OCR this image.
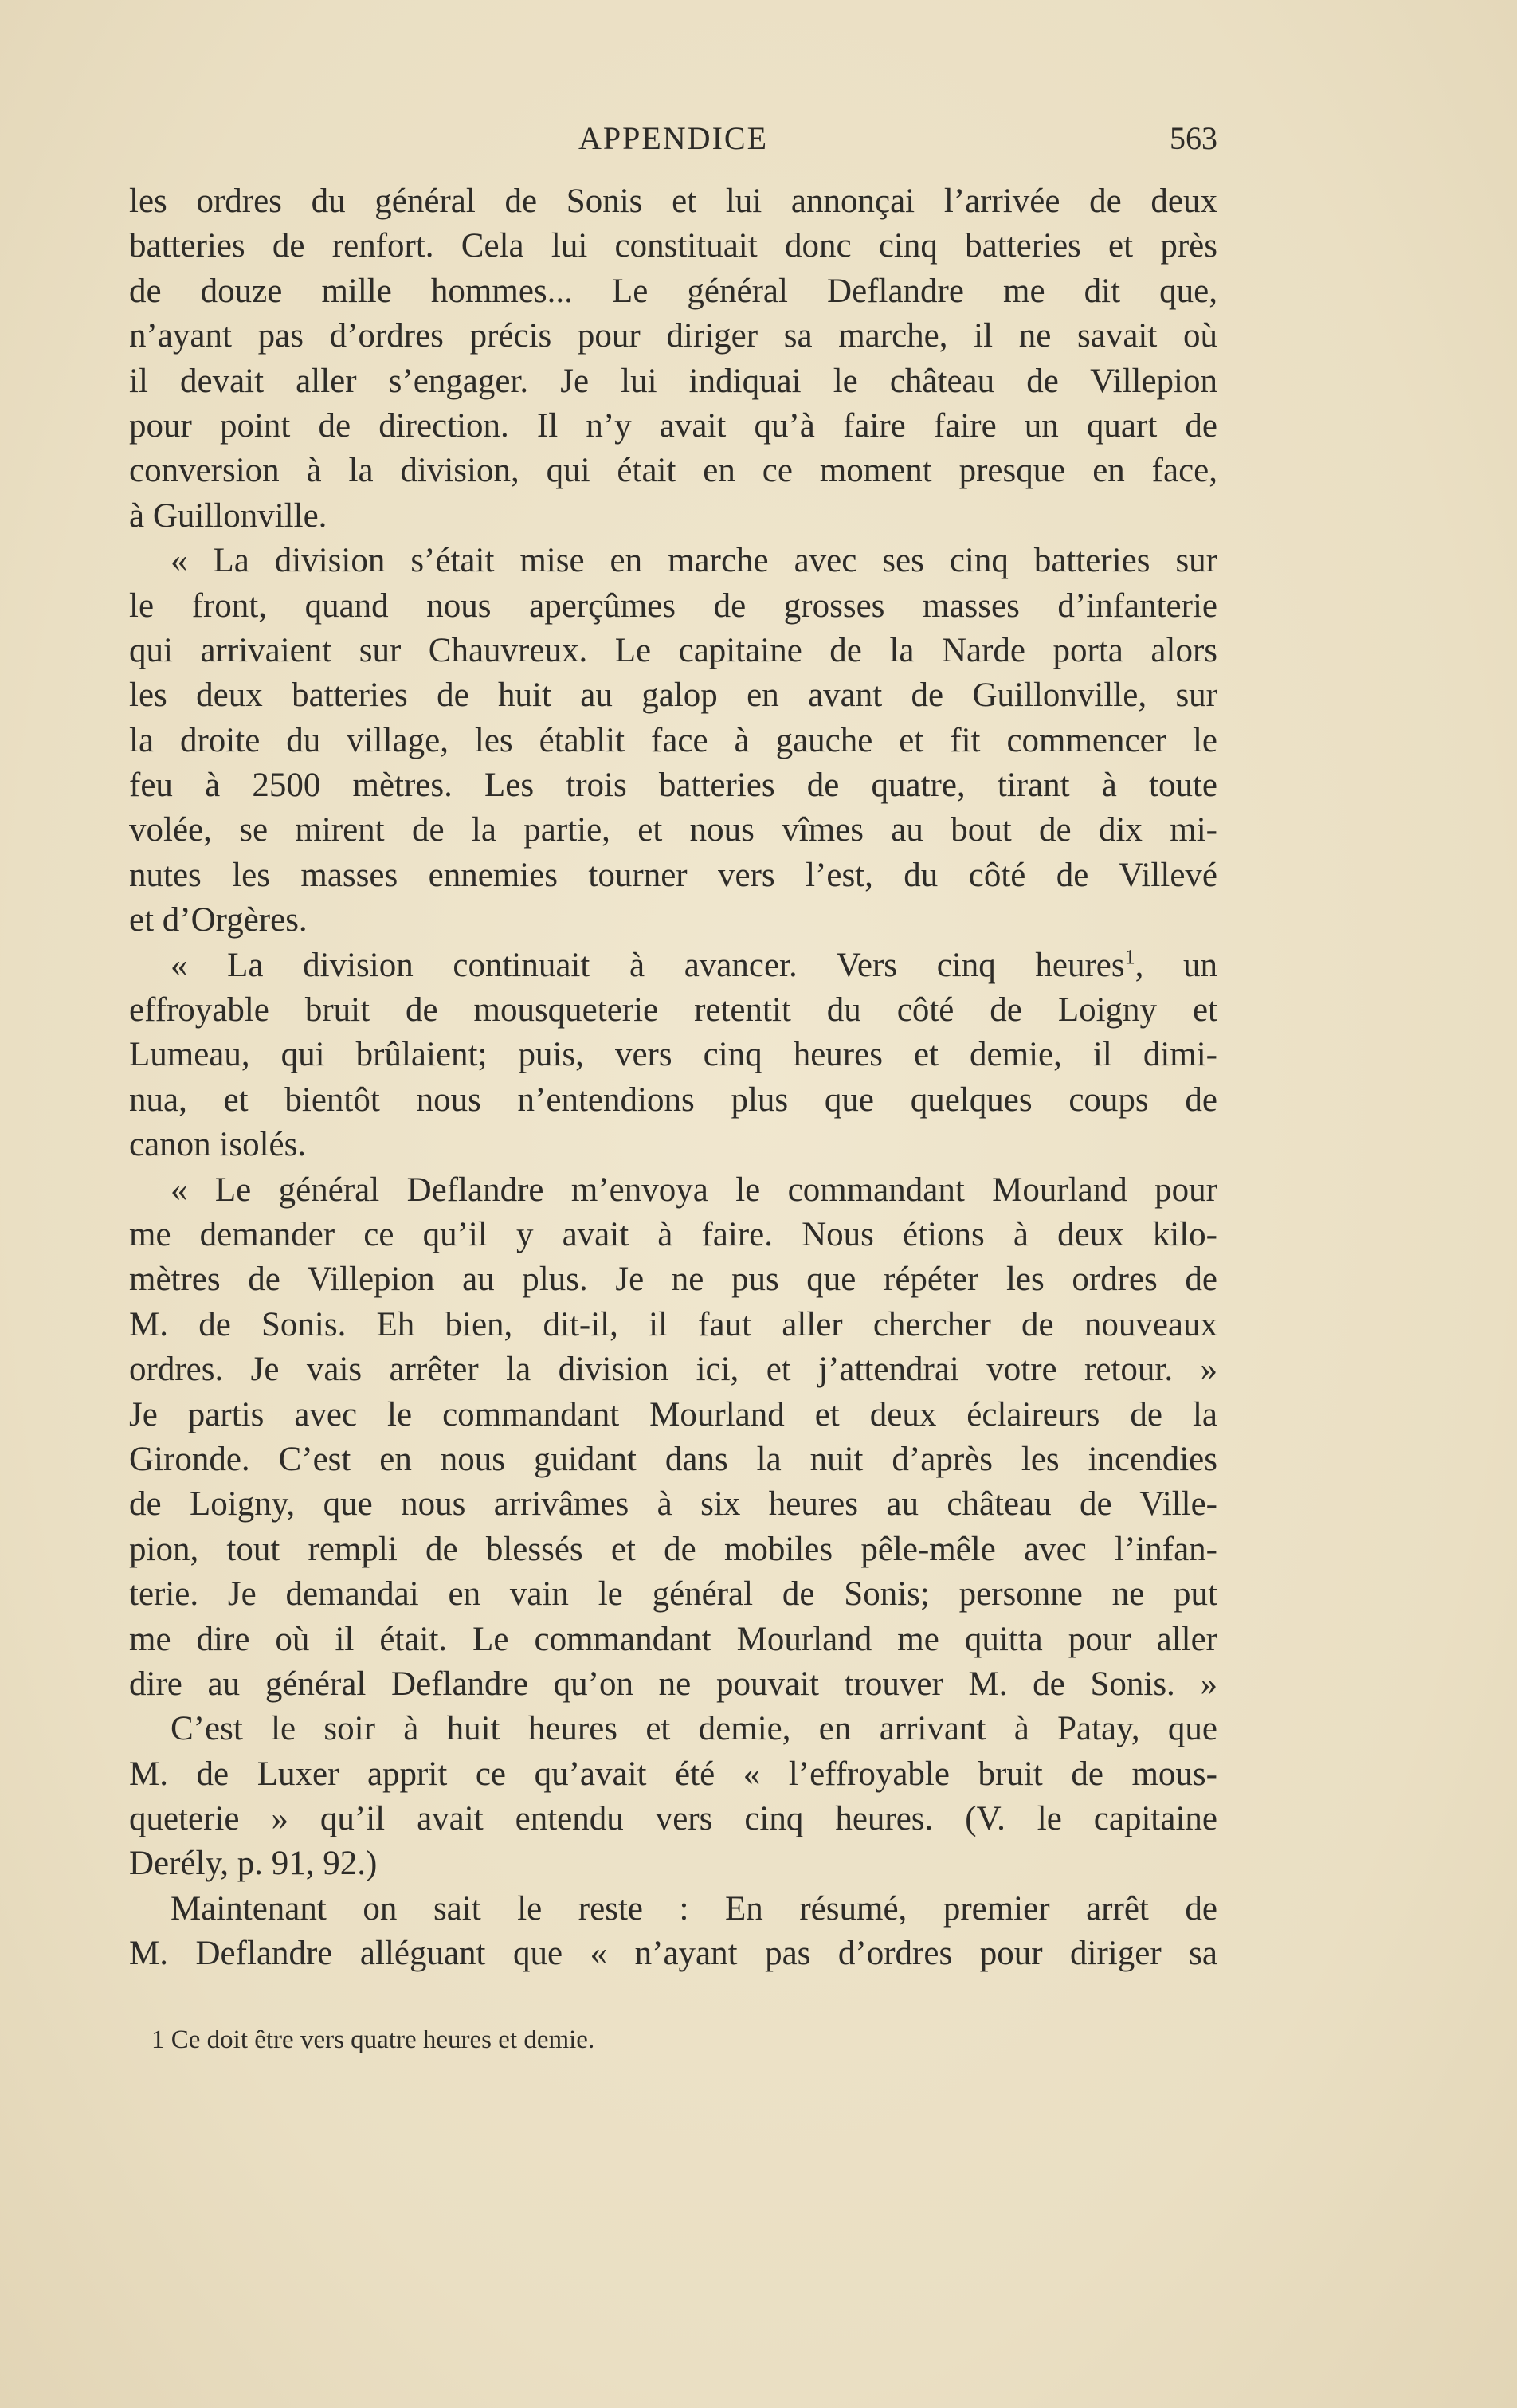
APPENDICE	563
les ordres du général de Sonis et lui annonçai l’arrivée de deux
batteries de renfort. Cela lui constituait donc cinq batteries et près
de douze mille hommes... Le général Deflandre me dit que,
n’ayant pas d’ordres précis pour diriger sa marche, il ne savait où
il devait aller s’engager. Je lui indiquai le château de Villepion
pour point de direction. Il n’y avait qu’à faire faire un quart de
conversion à la division, qui était en ce moment presque en face,
à Guillonville.
« La division s’était mise en marche avec ses cinq batteries sur
le front, quand nous aperçûmes de grosses masses d’infanterie
qui arrivaient sur Chauvreux. Le capitaine de la Narde porta alors
les deux batteries de huit au galop en avant de Guillonville, sur
la droite du village, les établit face à gauche et fit commencer le
feu à 2500 mètres. Les trois batteries de quatre, tirant à toute
volée, se mirent de la partie, et nous vîmes au bout de dix mi-
nutes les masses ennemies tourner vers l’est, du côté de Villevé
et d’Orgères.
« La division continuait à avancer. Vers cinq heures$^1$, un
effroyable bruit de mousqueterie retentit du côté de Loigny et
Lumeau, qui brûlaient; puis, vers cinq heures et demie, il dimi-
nua, et bientôt nous n’entendions plus que quelques coups de
canon isolés.
« Le général Deflandre m’envoya le commandant Mourland pour
me demander ce qu’il y avait à faire. Nous étions à deux kilo-
mètres de Villepion au plus. Je ne pus que répéter les ordres de
M. de Sonis. Eh bien, dit-il, il faut aller chercher de nouveaux
ordres. Je vais arrêter la division ici, et j’attendrai votre retour. »
Je partis avec le commandant Mourland et deux éclaireurs de la
Gironde. C’est en nous guidant dans la nuit d’après les incendies
de Loigny, que nous arrivâmes à six heures au château de Ville-
pion, tout rempli de blessés et de mobiles pêle-mêle avec l’infan-
terie. Je demandai en vain le général de Sonis; personne ne put
me dire où il était. Le commandant Mourland me quitta pour aller
dire au général Deflandre qu’on ne pouvait trouver M. de Sonis. »
C’est le soir à huit heures et demie, en arrivant à Patay, que
M. de Luxer apprit ce qu’avait été « l’effroyable bruit de mous-
queterie » qu’il avait entendu vers cinq heures. (V. le capitaine
Derély, p. 91, 92.)
Maintenant on sait le reste : En résumé, premier arrêt de
M. Deflandre alléguant que « n’ayant pas d’ordres pour diriger sa
1 Ce doit être vers quatre heures et demie.
